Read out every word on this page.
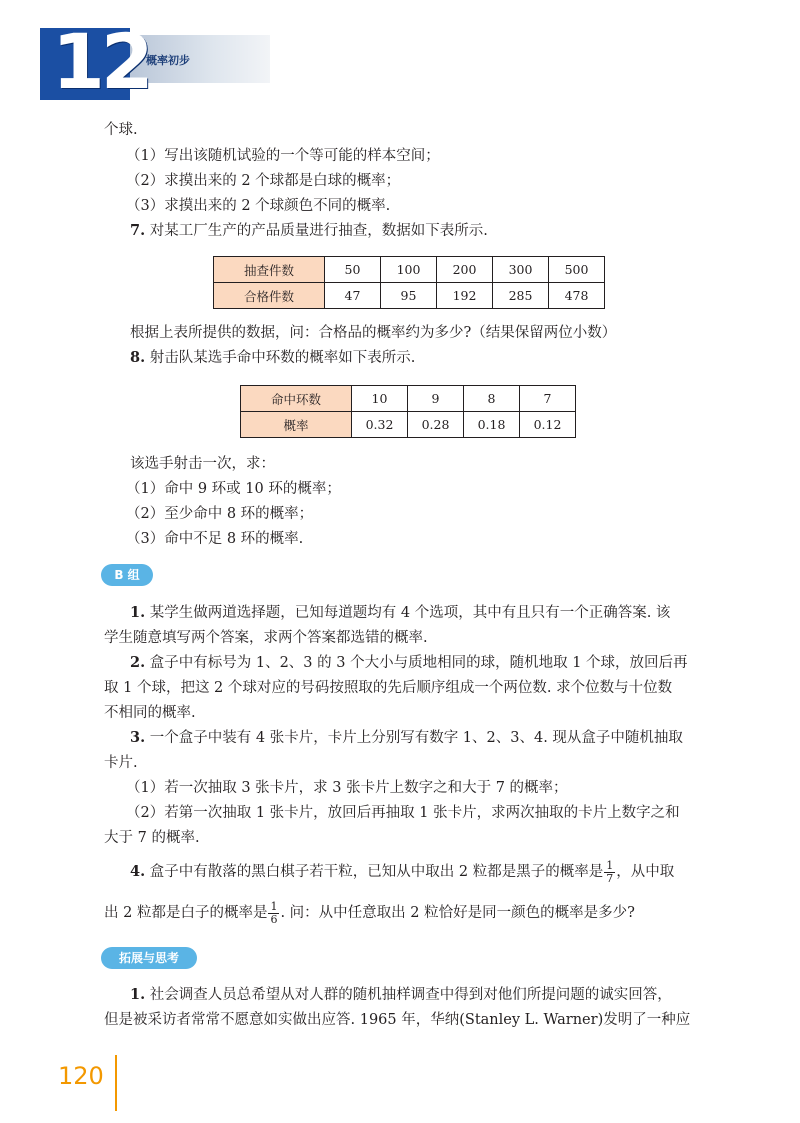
12
概率初步
个球.
（1）写出该随机试验的一个等可能的样本空间；
（2）求摸出来的 2 个球都是白球的概率；
（3）求摸出来的 2 个球颜色不同的概率.
7. 对某工厂生产的产品质量进行抽查，数据如下表所示.
抽查件数	50	100	200	300	500
合格件数	47	95	192	285	478
根据上表所提供的数据，问：合格品的概率约为多少?（结果保留两位小数）
8. 射击队某选手命中环数的概率如下表所示.
命中环数	10	9	8	7
概率	0.32	0.28	0.18	0.12
该选手射击一次，求：
（1）命中 9 环或 10 环的概率；
（2）至少命中 8 环的概率；
（3）命中不足 8 环的概率.
B 组
1. 某学生做两道选择题，已知每道题均有 4 个选项，其中有且只有一个正确答案. 该
学生随意填写两个答案，求两个答案都选错的概率.
2. 盒子中有标号为 1、2、3 的 3 个大小与质地相同的球，随机地取 1 个球，放回后再
取 1 个球，把这 2 个球对应的号码按照取的先后顺序组成一个两位数. 求个位数与十位数
不相同的概率.
3. 一个盒子中装有 4 张卡片，卡片上分别写有数字 1、2、3、4. 现从盒子中随机抽取
卡片.
（1）若一次抽取 3 张卡片，求 3 张卡片上数字之和大于 7 的概率；
（2）若第一次抽取 1 张卡片，放回后再抽取 1 张卡片，求两次抽取的卡片上数字之和
大于 7 的概率.
4. 盒子中有散落的黑白棋子若干粒，已知从中取出 2 粒都是黑子的概率是 $\frac{1}{7}$ ，从中取
出 2 粒都是白子的概率是 $\frac{1}{6}$ . 问：从中任意取出 2 粒恰好是同一颜色的概率是多少?
拓展与思考
1. 社会调查人员总希望从对人群的随机抽样调查中得到对他们所提问题的诚实回答，
但是被采访者常常不愿意如实做出应答. 1965 年，华纳(Stanley L. Warner)发明了一种应
120
